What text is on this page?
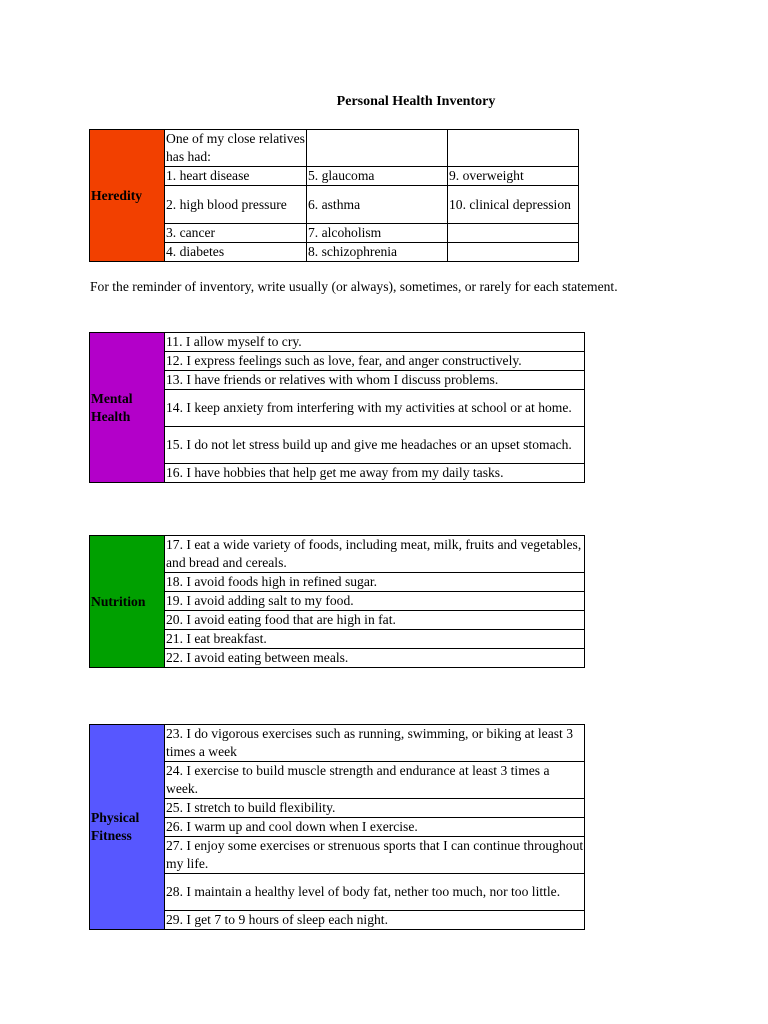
Personal Health Inventory
Heredity	One of my close relatives has had:		
	1. heart disease	5. glaucoma	9. overweight
	2. high blood pressure	6. asthma	10. clinical depression
	3. cancer	7. alcoholism	
	4. diabetes	8. schizophrenia	
For the reminder of inventory, write usually (or always), sometimes, or rarely for each statement.
Mental Health	11. I allow myself to cry.
12. I express feelings such as love, fear, and anger constructively.
13. I have friends or relatives with whom I discuss problems.
14. I keep anxiety from interfering with my activities at school or at home.
15. I do not let stress build up and give me headaches or an upset stomach.
16. I have hobbies that help get me away from my daily tasks.
Nutrition	17. I eat a wide variety of foods, including meat, milk, fruits and vegetables, and bread and cereals.
18. I avoid foods high in refined sugar.
19. I avoid adding salt to my food.
20. I avoid eating food that are high in fat.
21. I eat breakfast.
22. I avoid eating between meals.
Physical Fitness	23. I do vigorous exercises such as running, swimming, or biking at least 3 times a week
24. I exercise to build muscle strength and endurance at least 3 times a week.
25. I stretch to build flexibility.
26. I warm up and cool down when I exercise.
27. I enjoy some exercises or strenuous sports that I can continue throughout my life.
28. I maintain a healthy level of body fat, nether too much, nor too little.
29. I get 7 to 9 hours of sleep each night.
